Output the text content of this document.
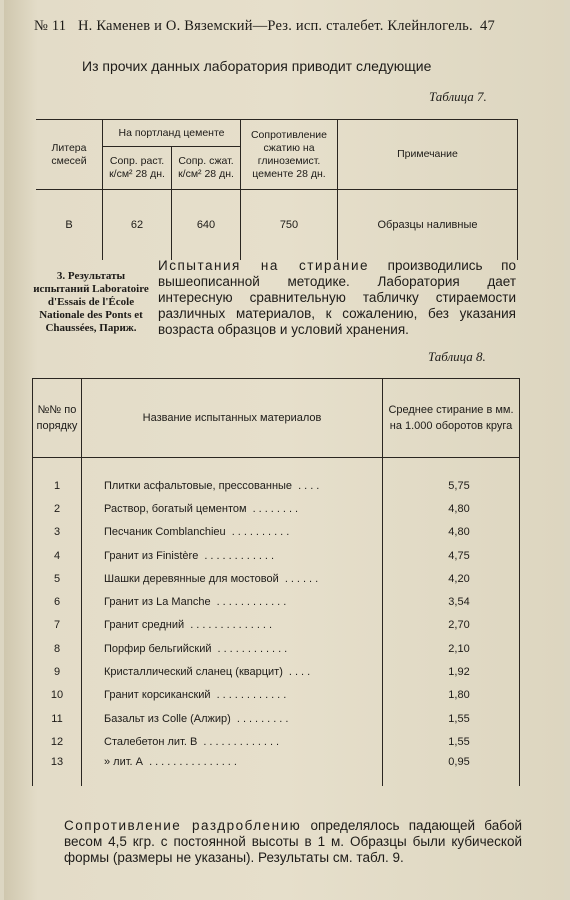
№ 11 Н. Каменев и О. Вяземский—Рез. исп. сталебет. Клейнлогель. 47
Из прочих данных лаборатория приводит следующие
Таблица 7.
Литера смесей	На портланд цементе		Сопротивление сжатию на глиноземист. цементе 28 дн.	Примечание
	Сопр. раст. к/см² 28 дн.	Сопр. сжат. к/см² 28 дн.		
В	62	640	750	Образцы наливные
3. Результаты испытаний Laboratoire d'Essais de l'École Nationale des Ponts et Chaussées, Париж.
Испытания на стирание производились по вышеописанной методике. Лаборатория дает интересную сравнительную табличку стираемости различных материалов, к сожалению, без указания возраста образцов и условий хранения.
Таблица 8.
№№ по порядку	Название испытанных материалов	Среднее стирание в мм. на 1.000 оборотов круга

1	Плитки асфальтовые, прессованные ....	5,75
2	Раствор, богатый цементом ........	4,80
3	Песчаник Comblanchieu ..........	4,80
4	Гранит из Finistère ............	4,75
5	Шашки деревянные для мостовой ......	4,20
6	Гранит из La Manche ............	3,54
7	Гранит средний ..............	2,70
8	Порфир бельгийский ............	2,10
9	Кристаллический сланец (кварцит) ....	1,92
10	Гранит корсиканский ............	1,80
11	Базальт из Colle (Алжир) .........	1,55
12	Сталебетон лит. В .............	1,55
13	» лит. А ...............	0,95
Сопротивление раздроблению определялось падающей бабой весом 4,5 кгр. с постоянной высоты в 1 м. Образцы были кубической формы (размеры не указаны). Результаты см. табл. 9.
